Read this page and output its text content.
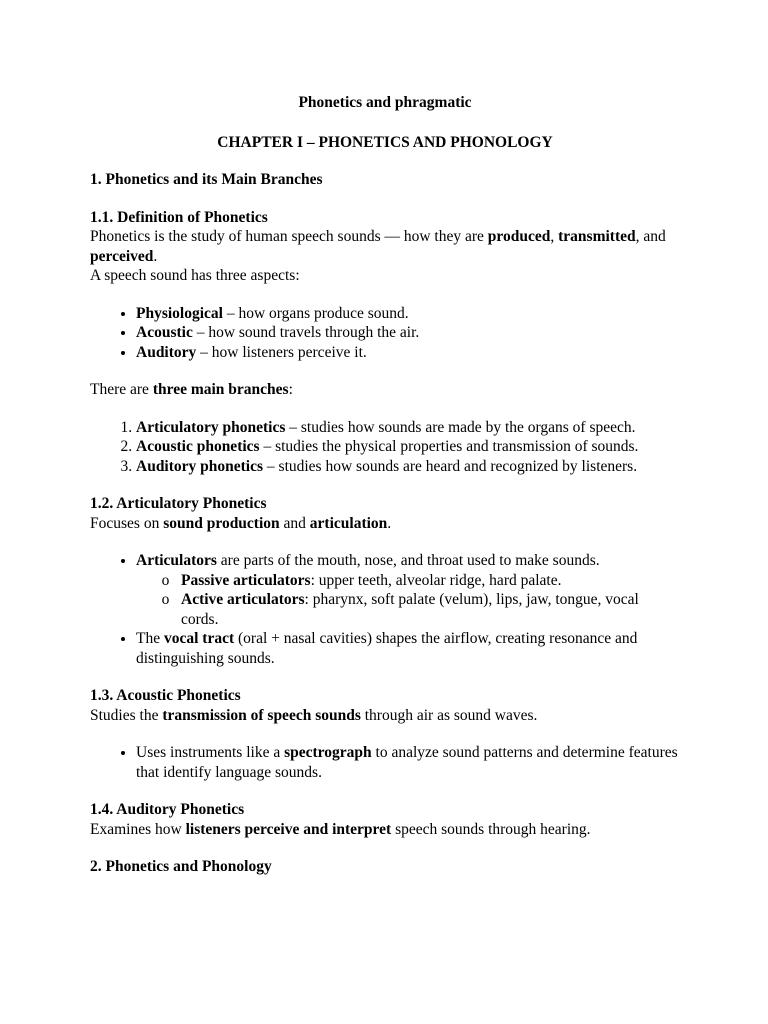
Phonetics and phragmatic

CHAPTER I – PHONETICS AND PHONOLOGY

1. Phonetics and its Main Branches
1.1. Definition of Phonetics

Phonetics is the study of human speech sounds — how they are produced, transmitted, and perceived.

A speech sound has three aspects:

• Physiological – how organs produce sound.
• Acoustic – how sound travels through the air.
• Auditory – how listeners perceive it.

There are three main branches:

1. Articulatory phonetics – studies how sounds are made by the organs of speech.
2. Acoustic phonetics – studies the physical properties and transmission of sounds.
3. Auditory phonetics – studies how sounds are heard and recognized by listeners.
1.2. Articulatory Phonetics

Focuses on sound production and articulation.

• Articulators are parts of the mouth, nose, and throat used to make sounds.
o Passive articulators: upper teeth, alveolar ridge, hard palate.
o Active articulators: pharynx, soft palate (velum), lips, jaw, tongue, vocal cords.
• The vocal tract (oral + nasal cavities) shapes the airflow, creating resonance and distinguishing sounds.
1.3. Acoustic Phonetics

Studies the transmission of speech sounds through air as sound waves.

• Uses instruments like a spectrograph to analyze sound patterns and determine features that identify language sounds.
1.4. Auditory Phonetics

Examines how listeners perceive and interpret speech sounds through hearing.

2. Phonetics and Phonology
